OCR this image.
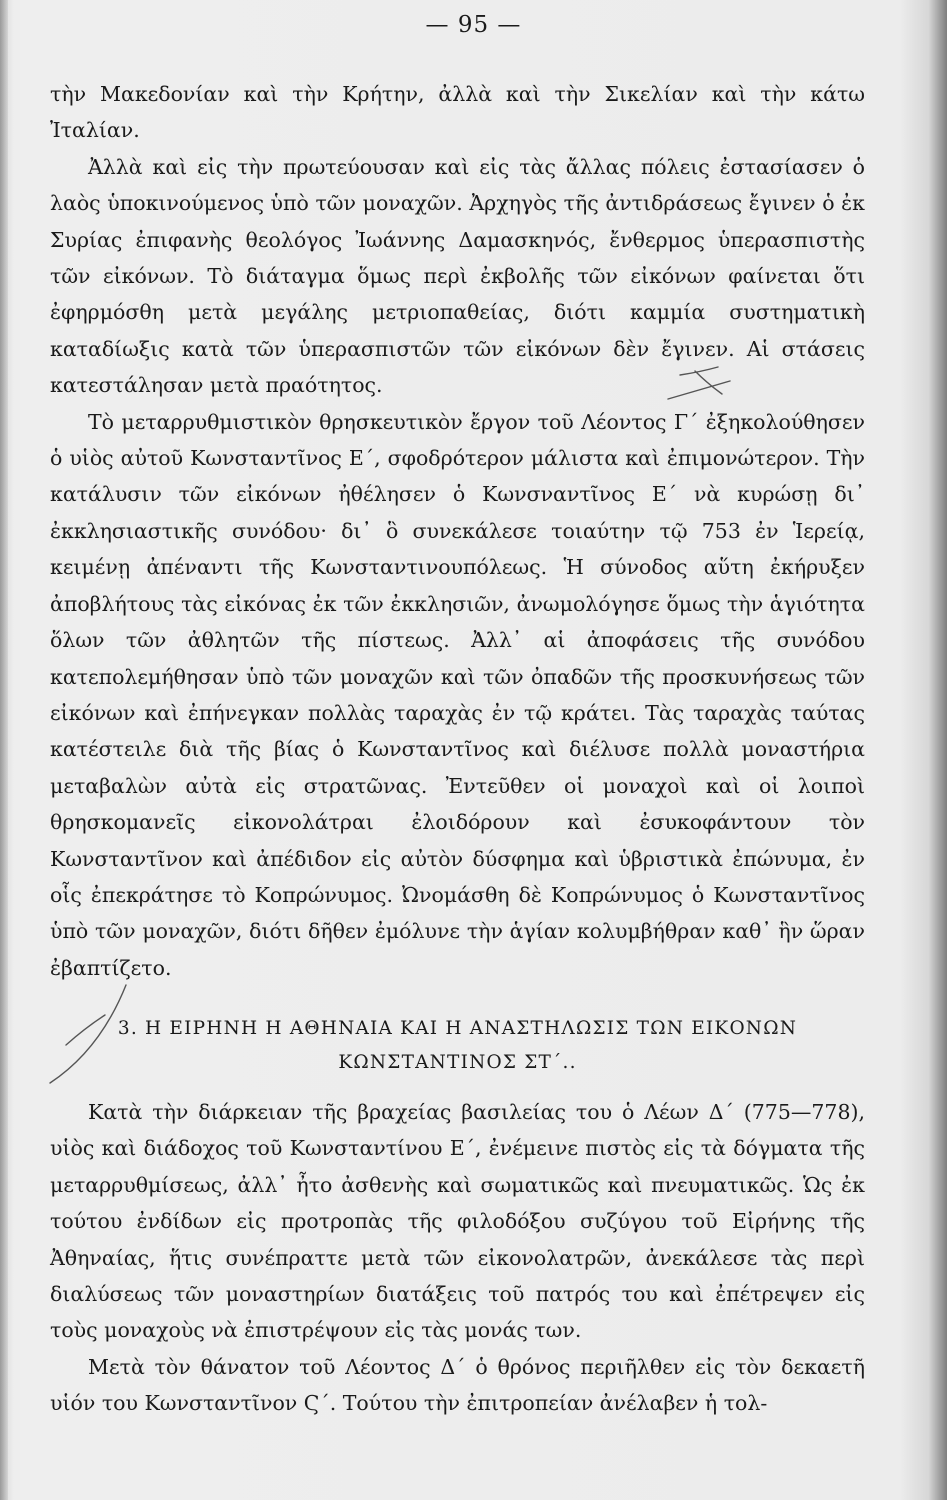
— 95 —

τὴν Μακεδονίαν καὶ τὴν Κρήτην, ἀλλὰ καὶ τὴν Σικελίαν καὶ τὴν κάτω Ἰταλίαν.

Ἀλλὰ καὶ εἰς τὴν πρωτεύουσαν καὶ εἰς τὰς ἄλλας πόλεις ἐστασίασεν ὁ λαὸς ὑποκινούμενος ὑπὸ τῶν μοναχῶν. Ἀρχηγὸς τῆς ἀντιδράσεως ἔγινεν ὁ ἐκ Συρίας ἐπιφανὴς θεολόγος Ἰωάννης Δαμασκηνός, ἔνθερμος ὑπερασπιστὴς τῶν εἰκόνων. Τὸ διάταγμα ὅμως περὶ ἐκβολῆς τῶν εἰκόνων φαίνεται ὅτι ἐφηρμόσθη μετὰ μεγάλης μετριοπαθείας, διότι καμμία συστηματικὴ καταδίωξις κατὰ τῶν ὑπερασπιστῶν τῶν εἰκόνων δὲν ἔγινεν. Αἱ στάσεις κατεστάλησαν μετὰ πραότητος.

Τὸ μεταρρυθμιστικὸν θρησκευτικὸν ἔργον τοῦ Λέοντος Γ΄ ἐξηκολούθησεν ὁ υἱὸς αὐτοῦ Κωνσταντῖνος Ε΄, σφοδρότερον μάλιστα καὶ ἐπιμονώτερον. Τὴν κατάλυσιν τῶν εἰκόνων ἠθέλησεν ὁ Κωνσναντῖνος Ε΄ νὰ κυρώσῃ δι᾿ ἐκκλησιαστικῆς συνόδου· δι᾿ ὃ συνεκάλεσε τοιαύτην τῷ 753 ἐν Ἱερείᾳ, κειμένῃ ἀπέναντι τῆς Κωνσταντινουπόλεως. Ἡ σύνοδος αὕτη ἐκήρυξεν ἀποβλήτους τὰς εἰκόνας ἐκ τῶν ἐκκλησιῶν, ἀνωμολόγησε ὅμως τὴν ἁγιότητα ὅλων τῶν ἀθλητῶν τῆς πίστεως. Ἀλλ᾿ αἱ ἀποφάσεις τῆς συνόδου κατεπολεμήθησαν ὑπὸ τῶν μοναχῶν καὶ τῶν ὀπαδῶν τῆς προσκυνήσεως τῶν εἰκόνων καὶ ἐπήνεγκαν πολλὰς ταραχὰς ἐν τῷ κράτει. Τὰς ταραχὰς ταύτας κατέστειλε διὰ τῆς βίας ὁ Κωνσταντῖνος καὶ διέλυσε πολλὰ μοναστήρια μεταβαλὼν αὐτὰ εἰς στρατῶνας. Ἐντεῦθεν οἱ μοναχοὶ καὶ οἱ λοιποὶ θρησκομανεῖς εἰκονολάτραι ἐλοιδόρουν καὶ ἐσυκοφάντουν τὸν Κωνσταντῖνον καὶ ἀπέδιδον εἰς αὐτὸν δύσφημα καὶ ὑβριστικὰ ἐπώνυμα, ἐν οἷς ἐπεκράτησε τὸ Κοπρώνυμος. Ὠνομάσθη δὲ Κοπρώνυμος ὁ Κωνσταντῖνος ὑπὸ τῶν μοναχῶν, διότι δῆθεν ἐμόλυνε τὴν ἁγίαν κολυμβήθραν καθ᾿ ἣν ὥραν ἐβαπτίζετο.

3. Η ΕΙΡΗΝΗ Η ΑΘΗΝΑΙΑ ΚΑΙ Η ΑΝΑΣΤΗΛΩΣΙΣ ΤΩΝ ΕΙΚΟΝΩΝ
ΚΩΝΣΤΑΝΤΙΝΟΣ ΣΤ΄..

Κατὰ τὴν διάρκειαν τῆς βραχείας βασιλείας του ὁ Λέων Δ΄ (775—778), υἱὸς καὶ διάδοχος τοῦ Κωνσταντίνου Ε΄, ἐνέμεινε πιστὸς εἰς τὰ δόγματα τῆς μεταρρυθμίσεως, ἀλλ᾿ ἦτο ἀσθενὴς καὶ σωματικῶς καὶ πνευματικῶς. Ὡς ἐκ τούτου ἐνδίδων εἰς προτροπὰς τῆς φιλοδόξου συζύγου τοῦ Εἰρήνης τῆς Ἀθηναίας, ἥτις συνέπραττε μετὰ τῶν εἰκονολατρῶν, ἀνεκάλεσε τὰς περὶ διαλύσεως τῶν μοναστηρίων διατάξεις τοῦ πατρός του καὶ ἐπέτρεψεν εἰς τοὺς μοναχοὺς νὰ ἐπιστρέψουν εἰς τὰς μονάς των.

Μετὰ τὸν θάνατον τοῦ Λέοντος Δ΄ ὁ θρόνος περιῆλθεν εἰς τὸν δεκαετῆ υἱόν του Κωνσταντῖνον Ϛ΄. Τούτου τὴν ἐπιτροπείαν ἀνέλαβεν ἡ τολ-
